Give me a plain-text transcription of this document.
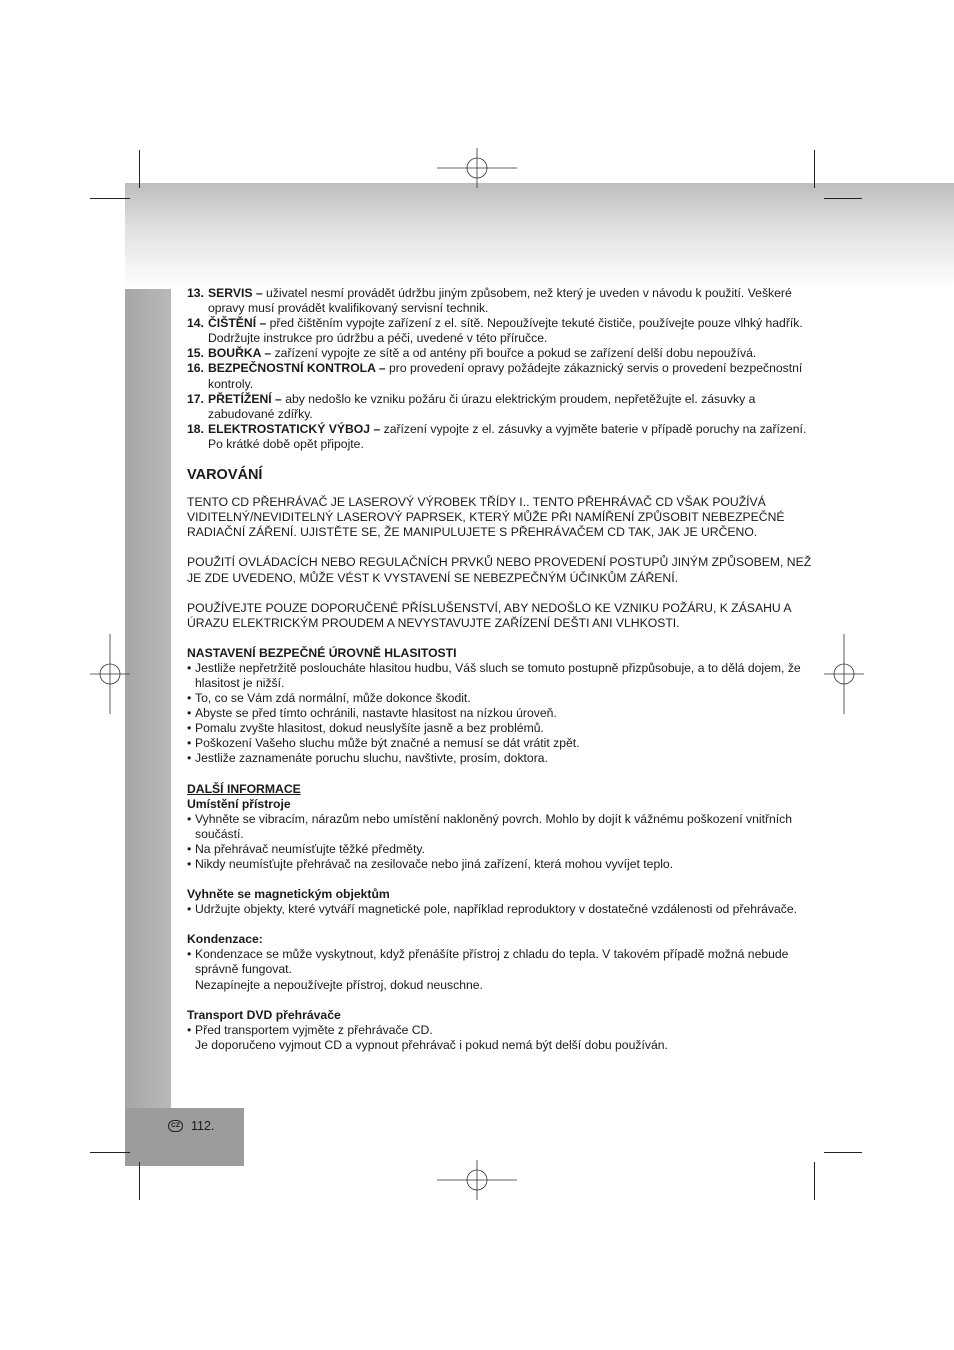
13. SERVIS – uživatel nesmí provádět údržbu jiným způsobem, než který je uveden v návodu k použití. Veškeré opravy musí provádět kvalifikovaný servisní technik.
14. ČIŠTĚNÍ – před čištěním vypojte zařízení z el. sítě. Nepoužívejte tekuté čističe, používejte pouze vlhký hadřík. Dodržujte instrukce pro údržbu a péči, uvedené v této příručce.
15. BOUŘKA – zařízení vypojte ze sítě a od antény při bouřce a pokud se zařízení delší dobu nepoužívá.
16. BEZPEČNOSTNÍ KONTROLA – pro provedení opravy požádejte zákaznický servis o provedení bezpečnostní kontroly.
17. PŘETÍŽENÍ – aby nedošlo ke vzniku požáru či úrazu elektrickým proudem, nepřetěžujte el. zásuvky a zabudované zdířky.
18. ELEKTROSTATICKÝ VÝBOJ – zařízení vypojte z el. zásuvky a vyjměte baterie v případě poruchy na zařízení. Po krátké době opět připojte.
VAROVÁNÍ

TENTO CD PŘEHRÁVAČ JE LASEROVÝ VÝROBEK TŘÍDY I.. TENTO PŘEHRÁVAČ CD VŠAK POUŽÍVÁ VIDITELNÝ/NEVIDITELNÝ LASEROVÝ PAPRSEK, KTERÝ MŮŽE PŘI NAMÍŘENÍ ZPŮSOBIT NEBEZPEČNÉ RADIAČNÍ ZÁŘENÍ. UJISTĚTE SE, ŽE MANIPULUJETE S PŘEHRÁVAČEM CD TAK, JAK JE URČENO.

POUŽITÍ OVLÁDACÍCH NEBO REGULAČNÍCH PRVKŮ NEBO PROVEDENÍ POSTUPŮ JINÝM ZPŮSOBEM, NEŽ JE ZDE UVEDENO, MŮŽE VÉST K VYSTAVENÍ SE NEBEZPEČNÝM ÚČINKŮM ZÁŘENÍ.

POUŽÍVEJTE POUZE DOPORUČENÉ PŘÍSLUŠENSTVÍ, ABY NEDOŠLO KE VZNIKU POŽÁRU, K ZÁSAHU A ÚRAZU ELEKTRICKÝM PROUDEM A NEVYSTAVUJTE ZAŘÍZENÍ DEŠTI ANI VLHKOSTI.

NASTAVENÍ BEZPEČNÉ ÚROVNĚ HLASITOSTI
• Jestliže nepřetržitě posloucháte hlasitou hudbu, Váš sluch se tomuto postupně přizpůsobuje, a to dělá dojem, že hlasitost je nižší.
• To, co se Vám zdá normální, může dokonce škodit.
• Abyste se před tímto ochránili, nastavte hlasitost na nízkou úroveň.
• Pomalu zvyšte hlasitost, dokud neuslyšíte jasně a bez problémů.
• Poškození Vašeho sluchu může být značné a nemusí se dát vrátit zpět.
• Jestliže zaznamenáte poruchu sluchu, navštivte, prosím, doktora.
DALŠÍ INFORMACE
Umístění přístroje
• Vyhněte se vibracím, nárazům nebo umístění nakloněný povrch. Mohlo by dojít k vážnému poškození vnitřních součástí.
• Na přehrávač neumísťujte těžké předměty.
• Nikdy neumísťujte přehrávač na zesilovače nebo jiná zařízení, která mohou vyvíjet teplo.
Vyhněte se magnetickým objektům
• Udržujte objekty, které vytváří magnetické pole, například reproduktory v dostatečné vzdálenosti od přehrávače.
Kondenzace:
• Kondenzace se může vyskytnout, když přenášíte přístroj z chladu do tepla. V takovém případě možná nebude správně fungovat.
Nezapínejte a nepoužívejte přístroj, dokud neuschne.
Transport DVD přehrávače
• Před transportem vyjměte z přehrávače CD.
Je doporučeno vyjmout CD a vypnout přehrávač i pokud nemá být delší dobu používán.
CZ 112.
